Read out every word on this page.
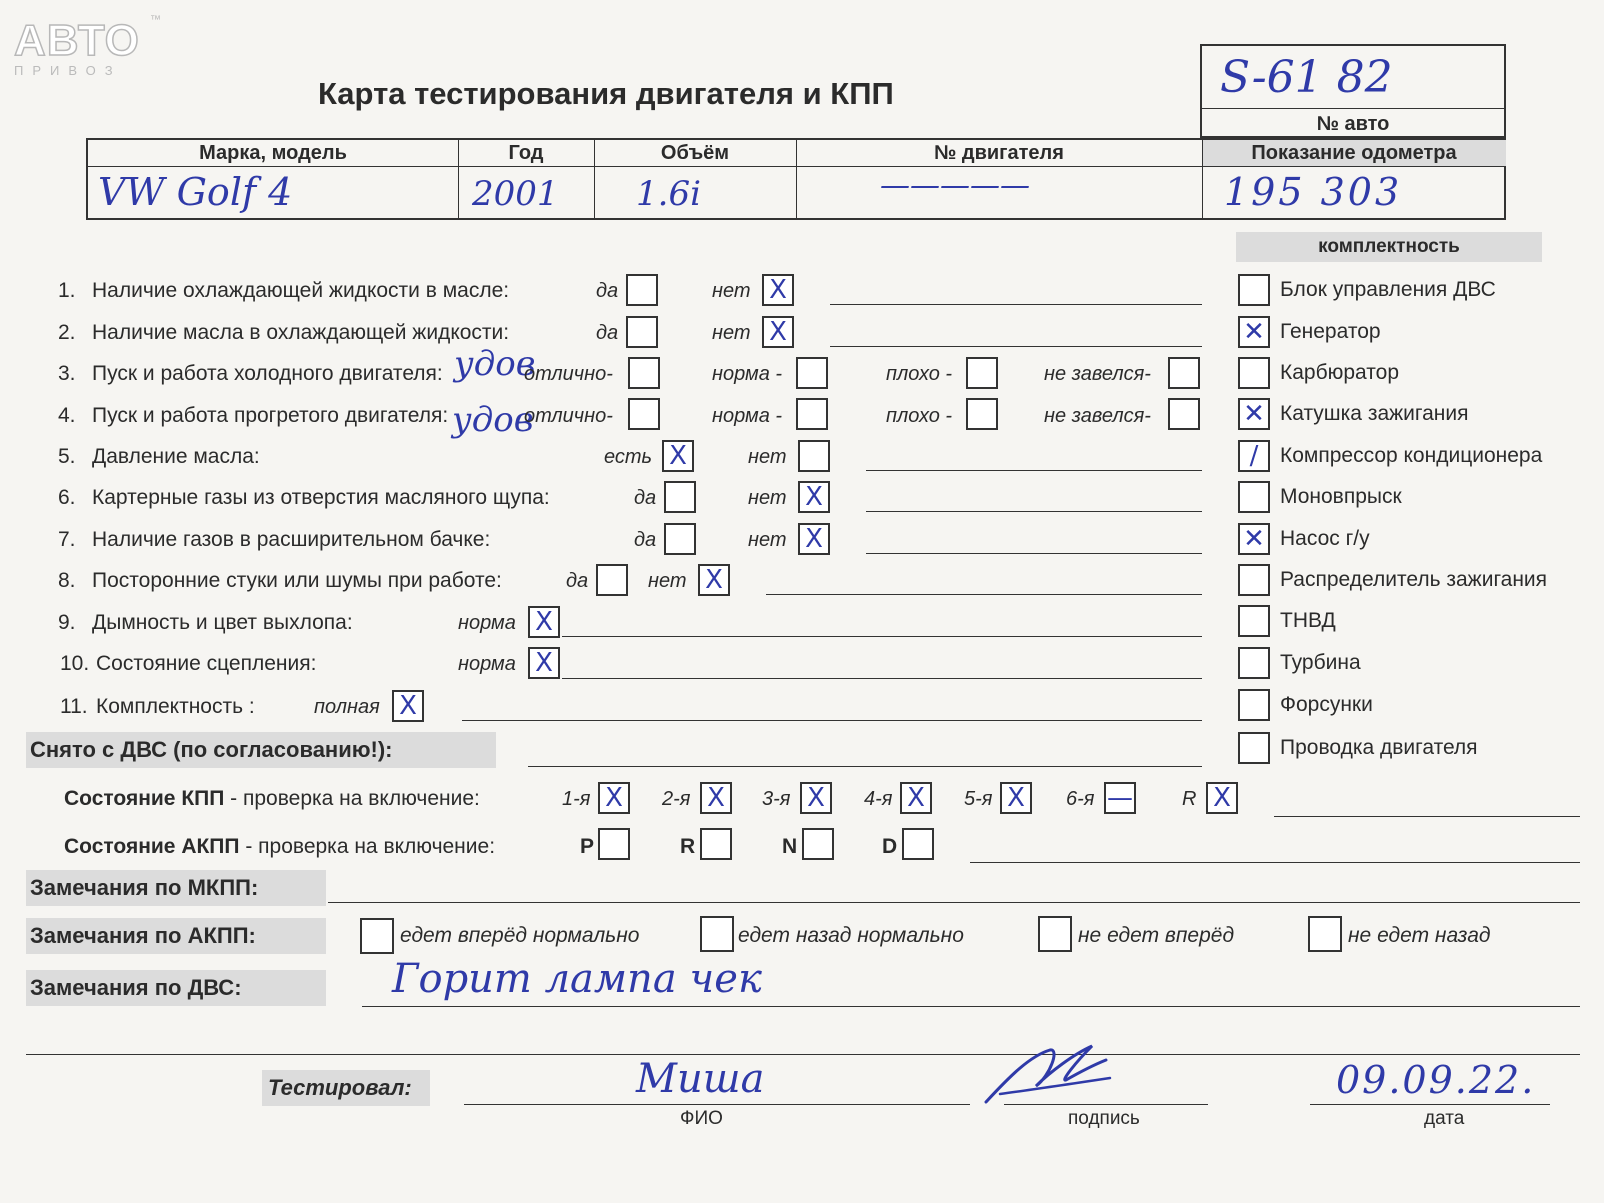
АВТО
ПРИВОЗ
™
Карта тестирования двигателя и КПП	S-61 82
№ авто
Марка, модель	Год	Объём	№ двигателя	Показание одометра
VW Golf 4	2001 1.6i	—————	195 303
комплектность
Блок управления ДВС
✕ Генератор
Карбюратор
✕ Катушка зажигания
/	Компрессор кондиционера
Моновпрыск
✕ Насос г/у
Распределитель зажигания
ТНВД
Турбина
Форсунки
Проводка двигателя
1. Наличие охлаждающей жидкости в масле:	да	нет X
2. Наличие масла в охлаждающей жидкости:	да	нет X
3. Пуск и работа холодного двигателя: удов
отлично-	норма -	плохо -	не завелся-
4. Пуск и работа прогретого двигателя: удов
отлично-	норма -	плохо -	не завелся-
5. Давление масла:	есть X	нет
6. Картерные газы из отверстия масляного щупа:	да	нет X
7. Наличие газов в расширительном бачке:	да	нет X
8. Посторонние стуки или шумы при работе:	да	нет X
9. Дымность и цвет выхлопа:	норма X
10. Состояние сцепления:	норма X
11. Комплектность :	полная X
Снято с ДВС (по согласованию!):
Состояние КПП - проверка на включение:	1-я X 2-я X 3-я X 4-я X 5-я X 6-я — R X
Состояние АКПП - проверка на включение:	P	R	N	D
Замечания по МКПП:
Замечания по АКПП:	едет вперёд нормально	едет назад нормально	не едет вперёд	не едет назад
Замечания по ДВС:	Горит лампа чек
Тестировал:	Миша
ФИО	подпись
09.09.22.
дата
